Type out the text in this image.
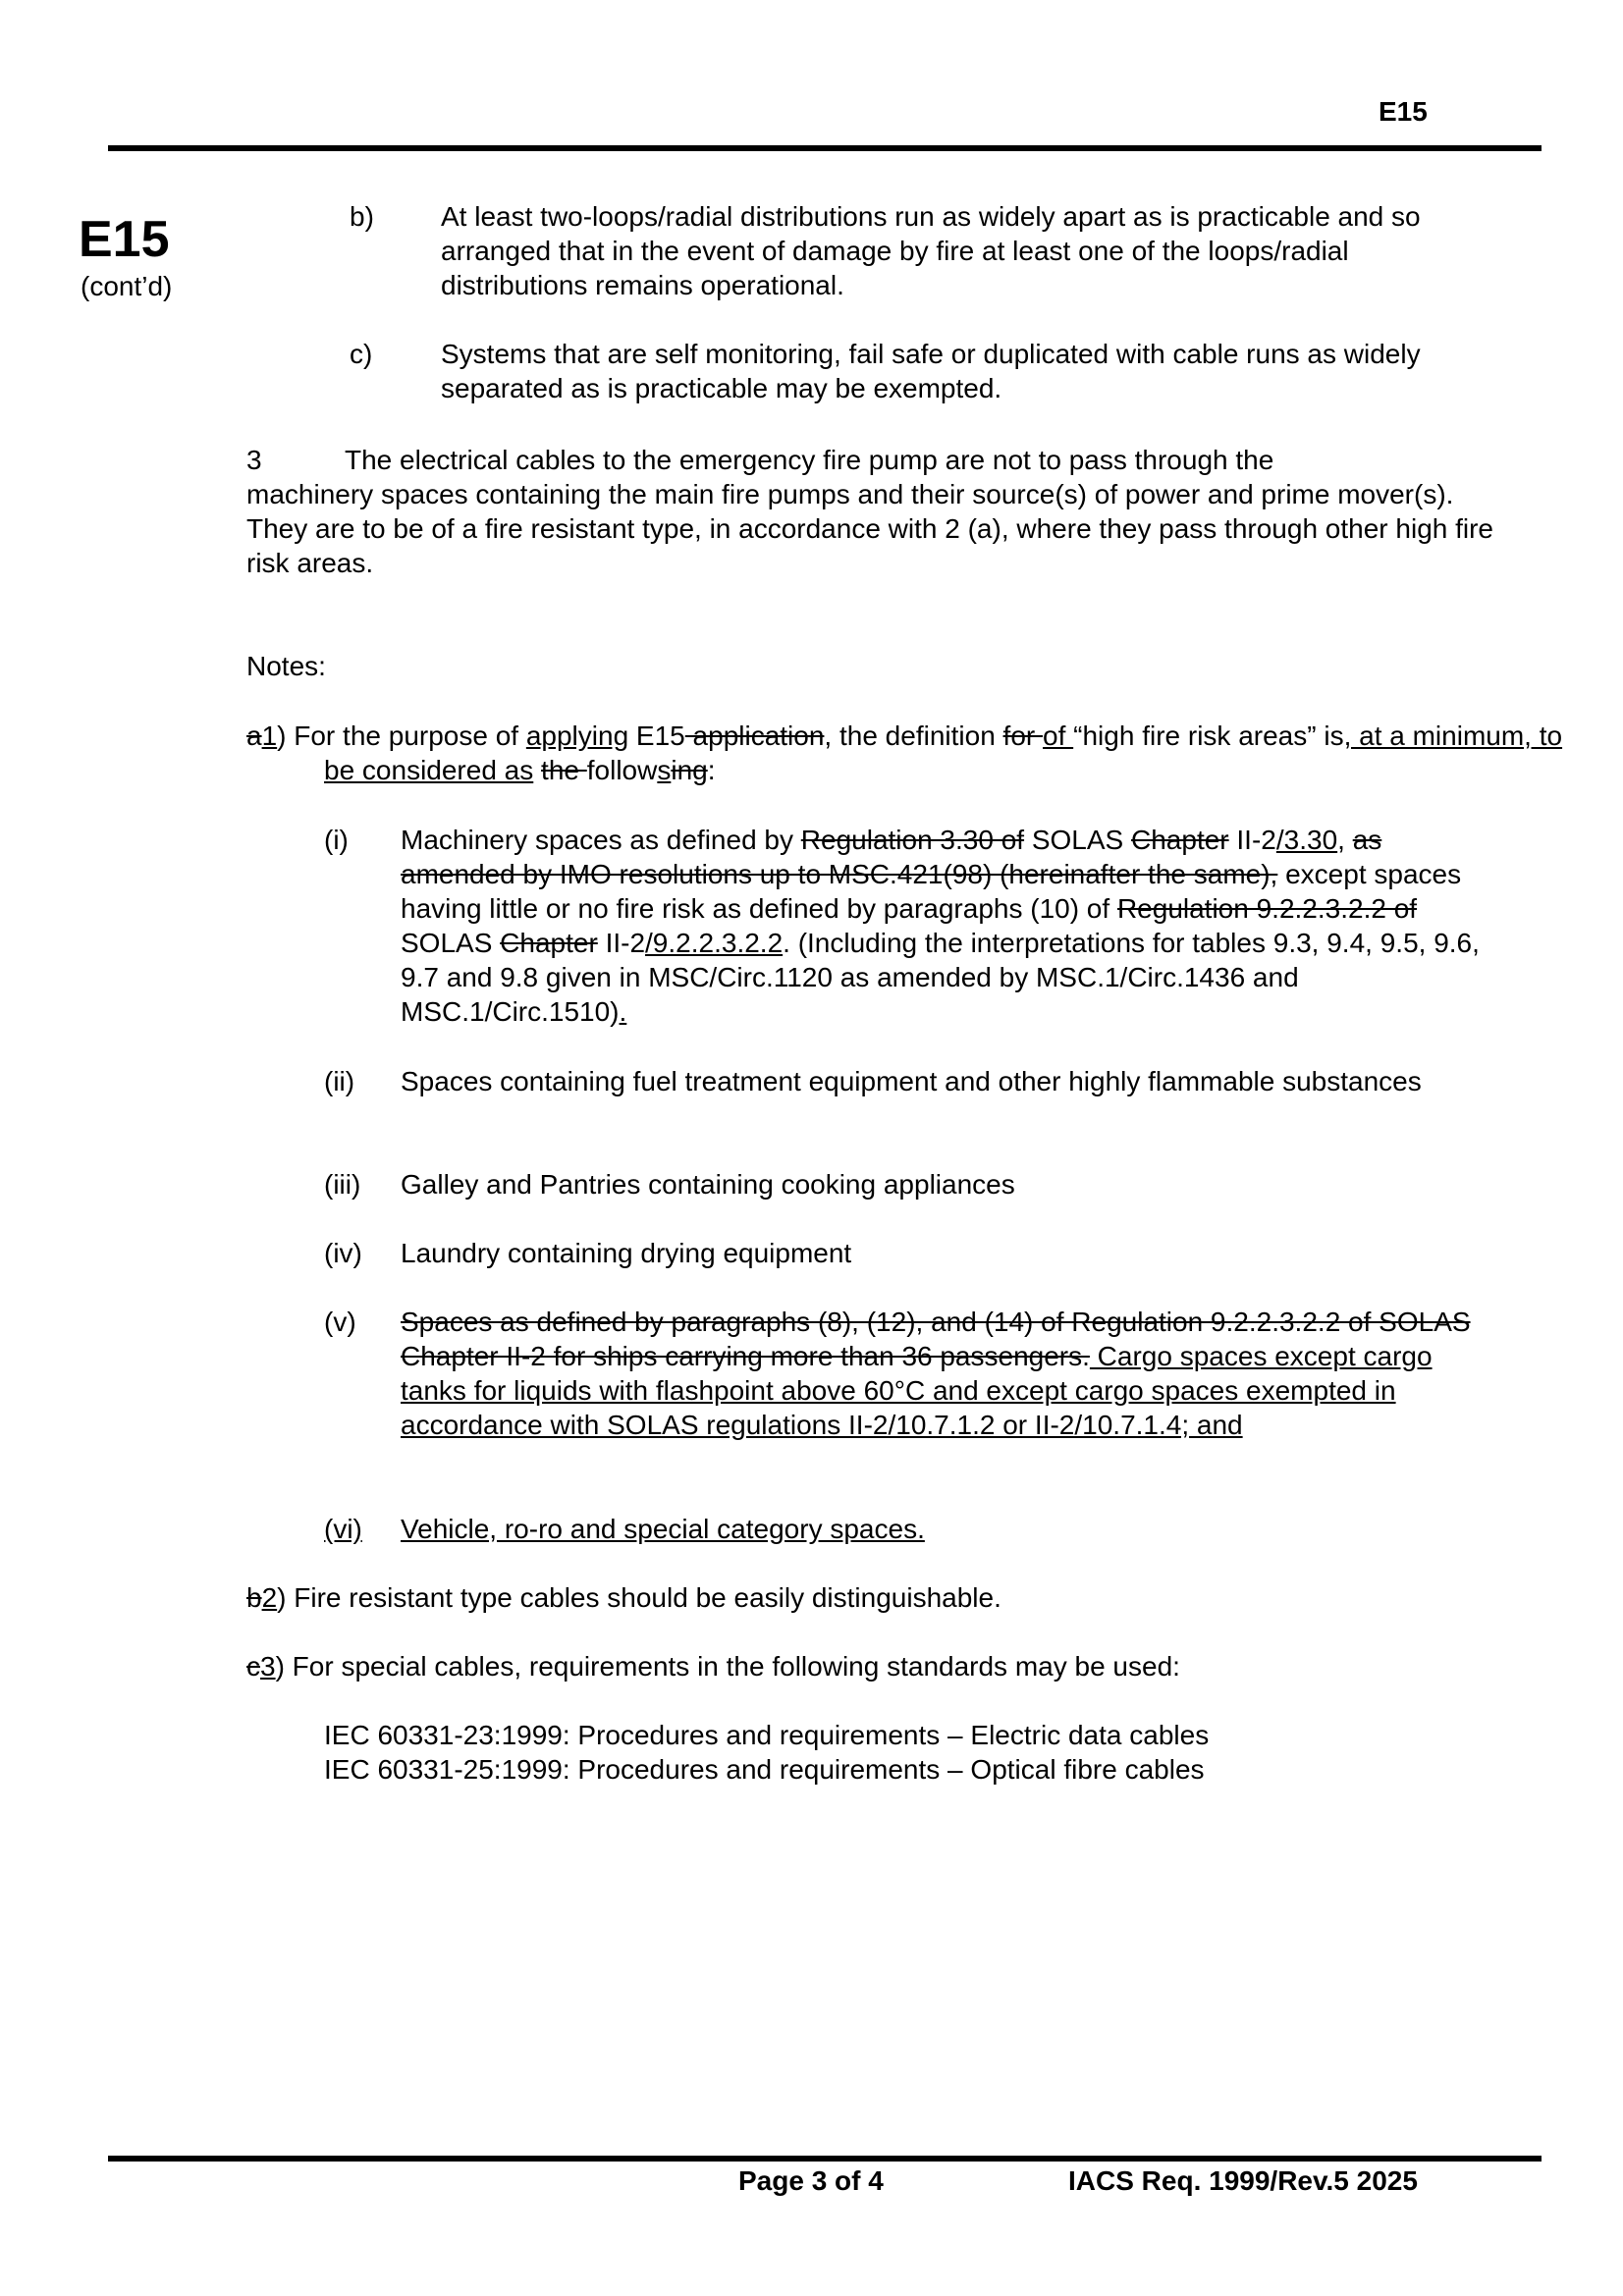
E15
E15
(cont’d)
b) At least two-loops/radial distributions run as widely apart as is practicable and so arranged that in the event of damage by fire at least one of the loops/radial distributions remains operational.
c) Systems that are self monitoring, fail safe or duplicated with cable runs as widely separated as is practicable may be exempted.
3	The electrical cables to the emergency fire pump are not to pass through the
machinery spaces containing the main fire pumps and their source(s) of power and prime mover(s). They are to be of a fire resistant type, in accordance with 2 (a), where they pass through other high fire risk areas.
Notes:
a1) For the purpose of applying E15 application, the definition for of “high fire risk areas” is, at a minimum, to be considered as the followsing:
(i) Machinery spaces as defined by Regulation 3.30 of SOLAS Chapter II-2/3.30, as amended by IMO resolutions up to MSC.421(98) (hereinafter the same), except spaces having little or no fire risk as defined by paragraphs (10) of Regulation 9.2.2.3.2.2 of SOLAS Chapter II-2/9.2.2.3.2.2. (Including the interpretations for tables 9.3, 9.4, 9.5, 9.6, 9.7 and 9.8 given in MSC/Circ.1120 as amended by MSC.1/Circ.1436 and MSC.1/Circ.1510).
(ii) Spaces containing fuel treatment equipment and other highly flammable substances
(iii) Galley and Pantries containing cooking appliances
(iv) Laundry containing drying equipment
(v) Spaces as defined by paragraphs (8), (12), and (14) of Regulation 9.2.2.3.2.2 of SOLAS Chapter II-2 for ships carrying more than 36 passengers. Cargo spaces except cargo tanks for liquids with flashpoint above 60°C and except cargo spaces exempted in accordance with SOLAS regulations II-2/10.7.1.2 or II-2/10.7.1.4; and
(vi) Vehicle, ro-ro and special category spaces.
b2) Fire resistant type cables should be easily distinguishable.
c3) For special cables, requirements in the following standards may be used:
IEC 60331-23:1999: Procedures and requirements – Electric data cables
IEC 60331-25:1999: Procedures and requirements – Optical fibre cables
Page 3 of 4	IACS Req. 1999/Rev.5 2025
